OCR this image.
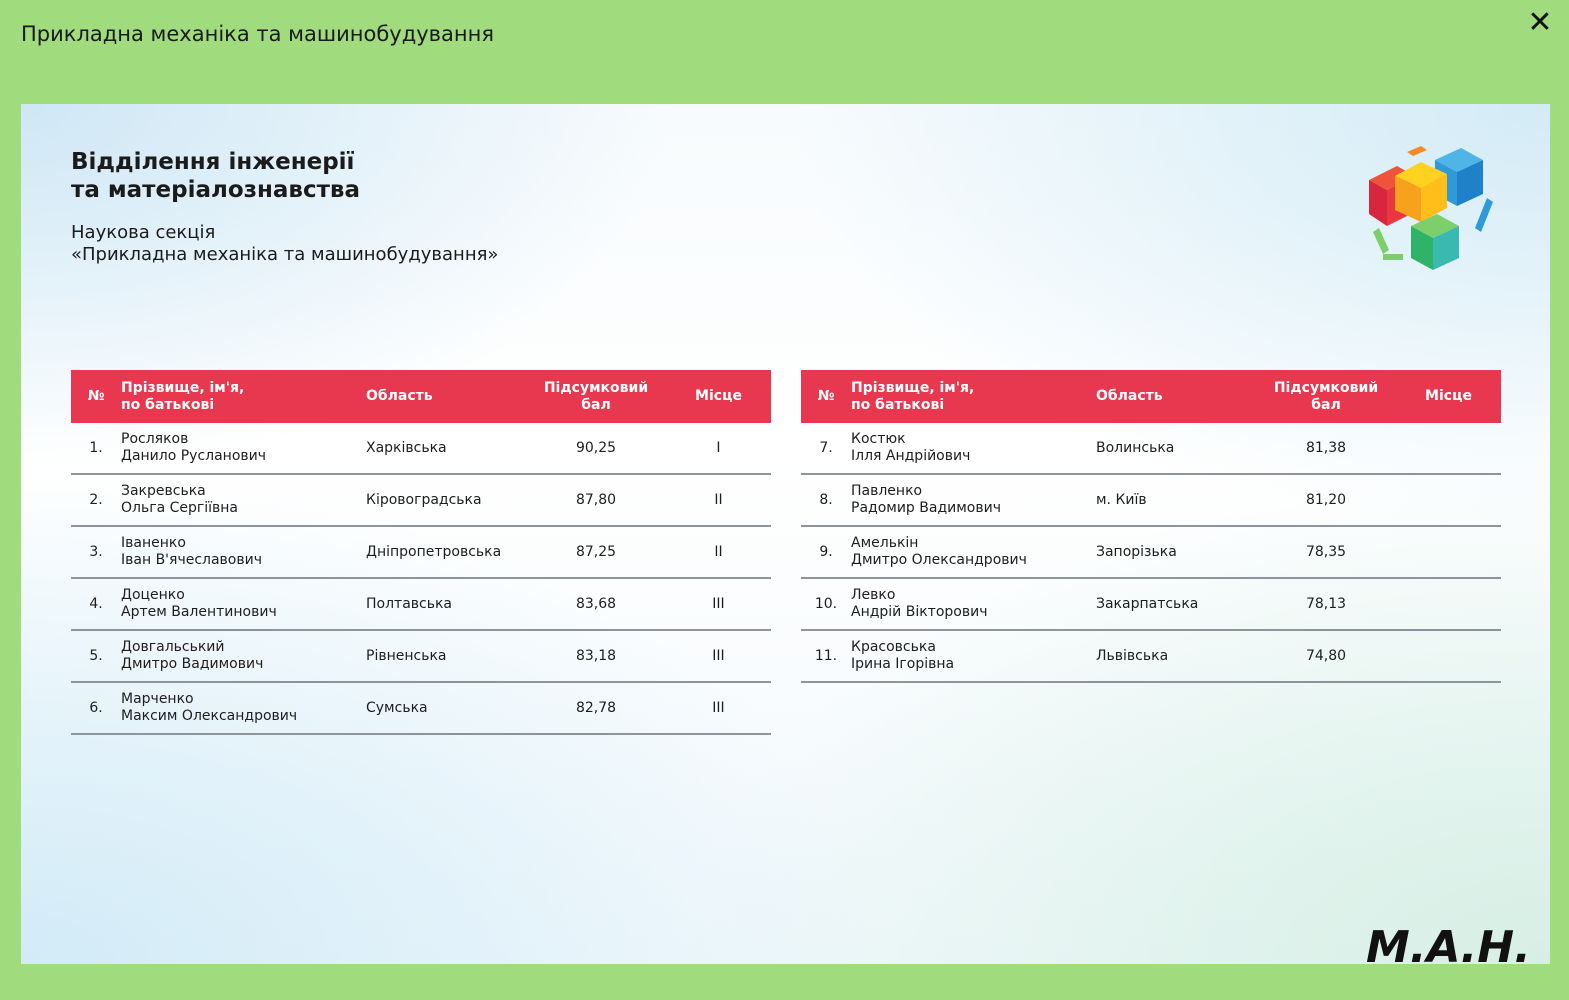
Прикладна механіка та машинобудування	✕
Відділення інженерії
та матеріалознавства
Наукова секція
«Прикладна механіка та машинобудування»
№	Прізвище, ім'я,
по батькові	Область	Підсумковий
бал	Місце
1.	Росляков
Данило Русланович	Харківська	90,25	I
2.	Закревська
Ольга Сергіївна	Кіровоградська	87,80	II
3.	Іваненко
Іван В'ячеславович	Дніпропетровська	87,25	II
4.	Доценко
Артем Валентинович	Полтавська	83,68	III
5.	Довгальський
Дмитро Вадимович	Рівненська	83,18	III
6.	Марченко
Максим Олександрович	Сумська	82,78	III
№	Прізвище, ім'я,
по батькові	Область	Підсумковий
бал	Місце
7.	Костюк
Ілля Андрійович	Волинська	81,38	
8.	Павленко
Радомир Вадимович	м. Київ	81,20	
9.	Амелькін
Дмитро Олександрович	Запорізька	78,35	
10.	Левко
Андрій Вікторович	Закарпатська	78,13	
11.	Красовська
Ірина Ігорівна	Львівська	74,80	
М.А.Н.
